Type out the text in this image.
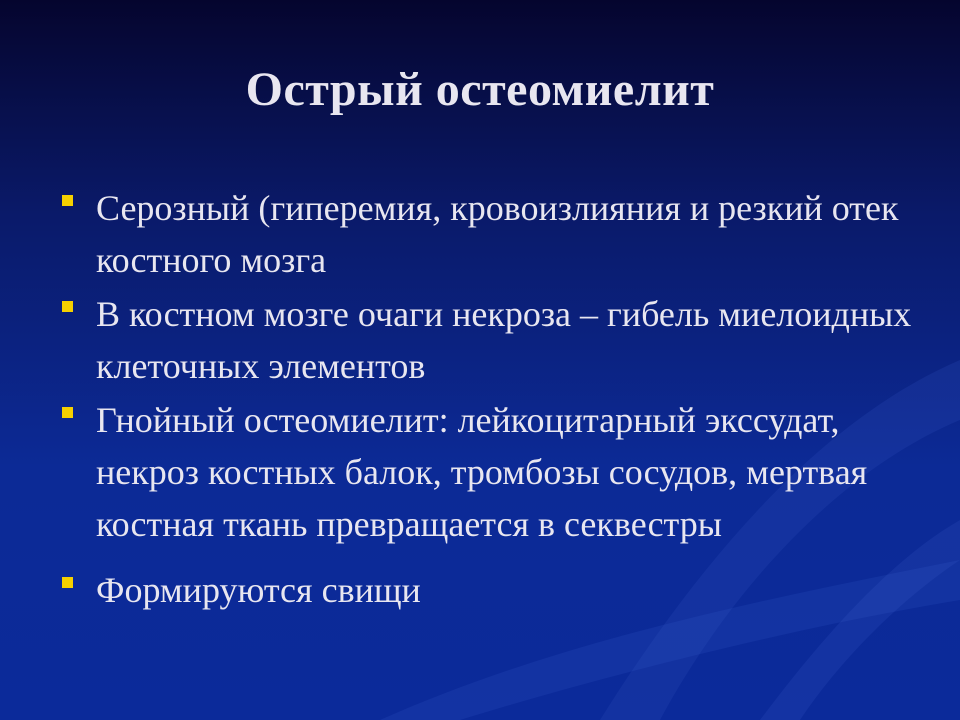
Острый остеомиелит
Серозный (гиперемия, кровоизлияния и резкий отек костного мозга
В костном мозге очаги некроза – гибель миелоидных клеточных элементов
Гнойный остеомиелит: лейкоцитарный экссудат, некроз костных балок, тромбозы сосудов, мертвая костная ткань превращается в секвестры
Формируются свищи
